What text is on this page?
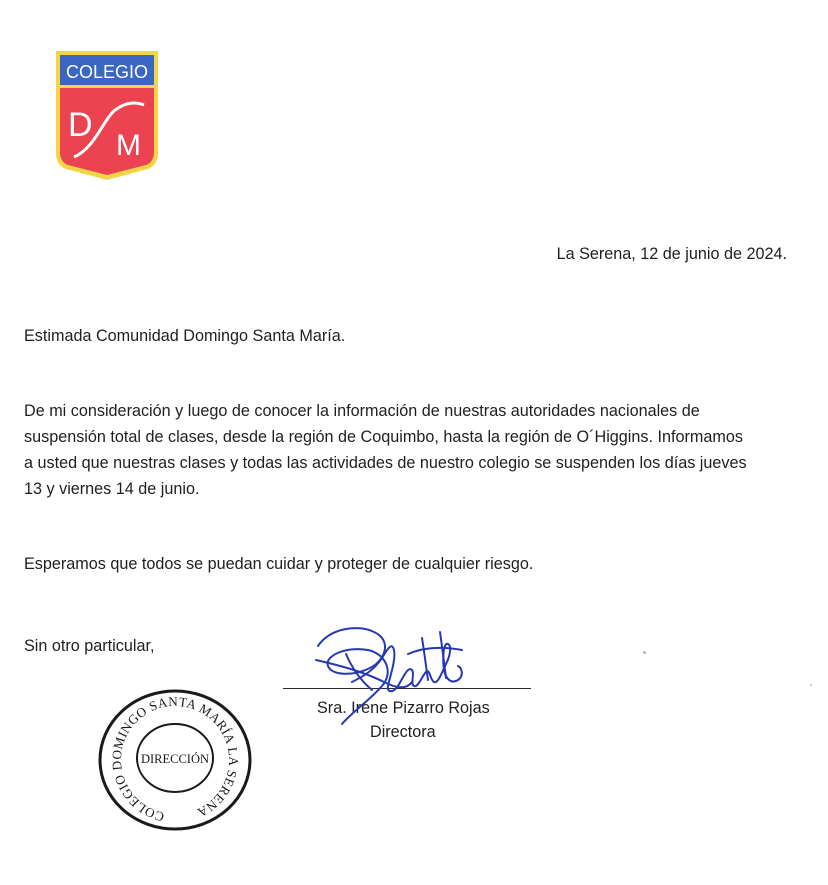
COLEGIO
D
M
La Serena, 12 de junio de 2024.
Estimada Comunidad Domingo Santa María.
De mi consideración y luego de conocer la información de nuestras autoridades nacionales de
suspensión total de clases, desde la región de Coquimbo, hasta la región de O´Higgins. Informamos
a usted que nuestras clases y todas las actividades de nuestro colegio se suspenden los días jueves
13 y viernes 14 de junio.
Esperamos que todos se puedan cuidar y proteger de cualquier riesgo.
Sin otro particular,
Sra. Irene Pizarro Rojas
Directora
COLEGIO DOMINGO SANTA MARÍA LA SERENA
DIRECCIÓN
